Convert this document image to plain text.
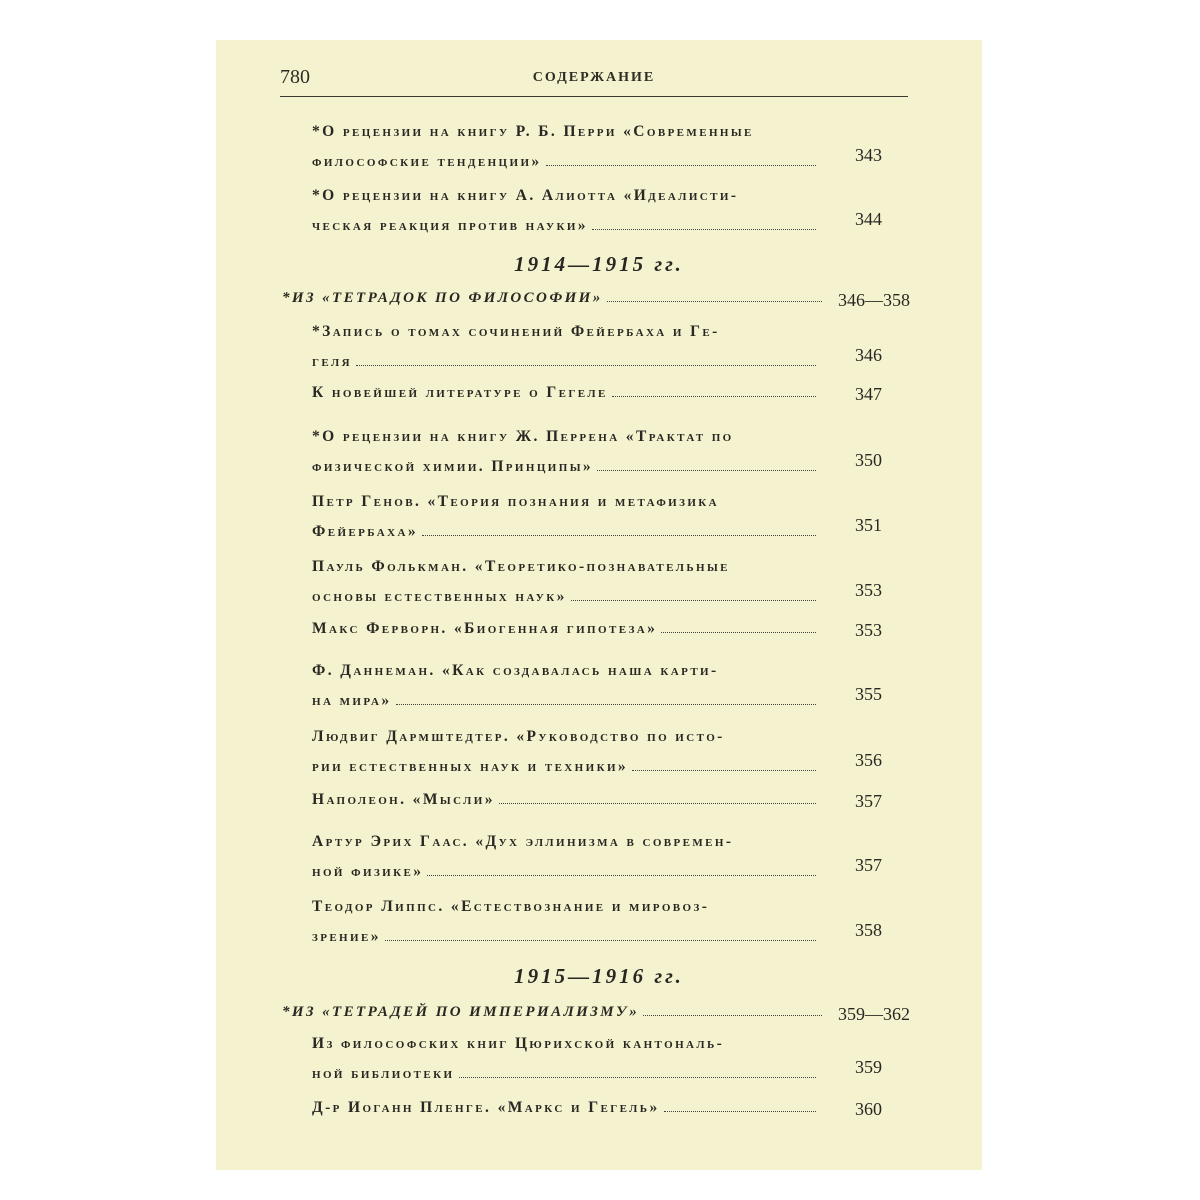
780	СОДЕРЖАНИЕ
*О рецензии на книгу Р. Б. Перри «Современные
философские тенденции»	343
*О рецензии на книгу А. Алиотта «Идеалисти-
ческая реакция против науки»	344
1914—1915 гг.
*ИЗ «ТЕТРАДОК ПО ФИЛОСОФИИ»	346—358
*Запись о томах сочинений Фейербаха и Ге-
геля	346
К новейшей литературе о Гегеле	347
*О рецензии на книгу Ж. Перрена «Трактат по
физической химии. Принципы»	350
Петр Генов. «Теория познания и метафизика
Фейербаха»	351
Пауль Фолькман. «Теоретико-познавательные
основы естественных наук»	353
Макс Ферворн. «Биогенная гипотеза»	353
Ф. Даннеман. «Как создавалась наша карти-
на мира»	355
Людвиг Дармштедтер. «Руководство по исто-
рии естественных наук и техники»	356
Наполеон. «Мысли»	357
Артур Эрих Гаас. «Дух эллинизма в современ-
ной физике»	357
Теодор Липпс. «Естествознание и мировоз-
зрение»	358
1915—1916 гг.
*ИЗ «ТЕТРАДЕЙ ПО ИМПЕРИАЛИЗМУ»	359—362
Из философских книг Цюрихской кантональ-
ной библиотеки	359
Д-р Иоганн Пленге. «Маркс и Гегель»	360
